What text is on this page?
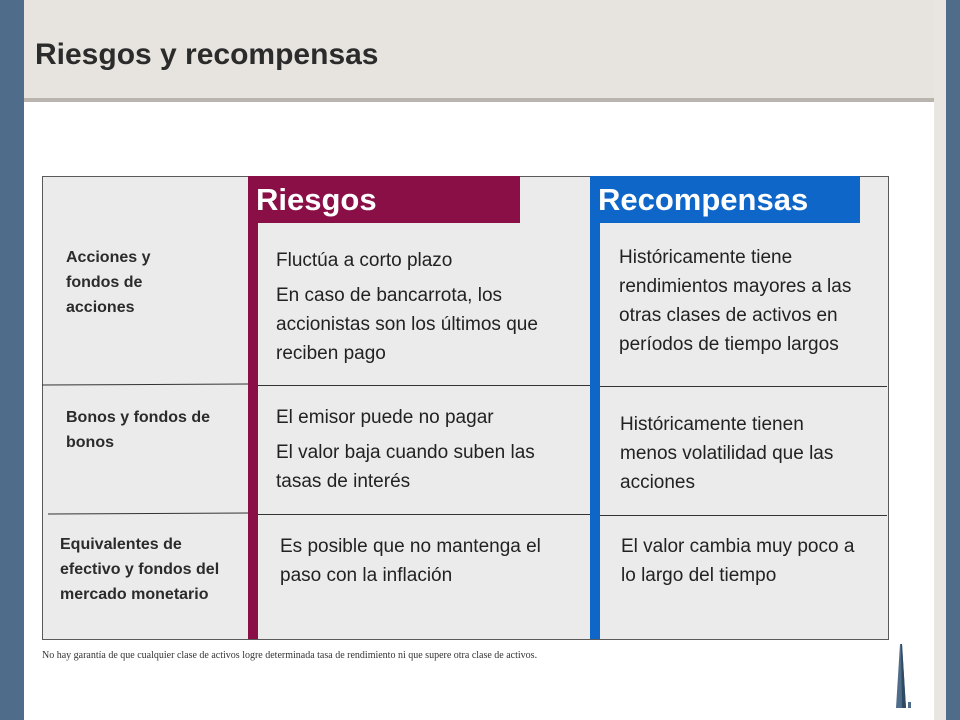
Riesgos y recompensas
Riesgos	Recompensas
Acciones y fondos de acciones
Bonos y fondos de bonos
Equivalentes de efectivo y fondos del mercado monetario

Fluctúa a corto plazo

En caso de bancarrota, los accionistas son los últimos que reciben pago

El emisor puede no pagar

El valor baja cuando suben las tasas de interés

Es posible que no mantenga el paso con la inflación

Históricamente tiene rendimientos mayores a las otras clases de activos en períodos de tiempo largos

Históricamente tienen menos volatilidad que las acciones

El valor cambia muy poco a lo largo del tiempo

No hay garantía de que cualquier clase de activos logre determinada tasa de rendimiento ni que supere otra clase de activos.
